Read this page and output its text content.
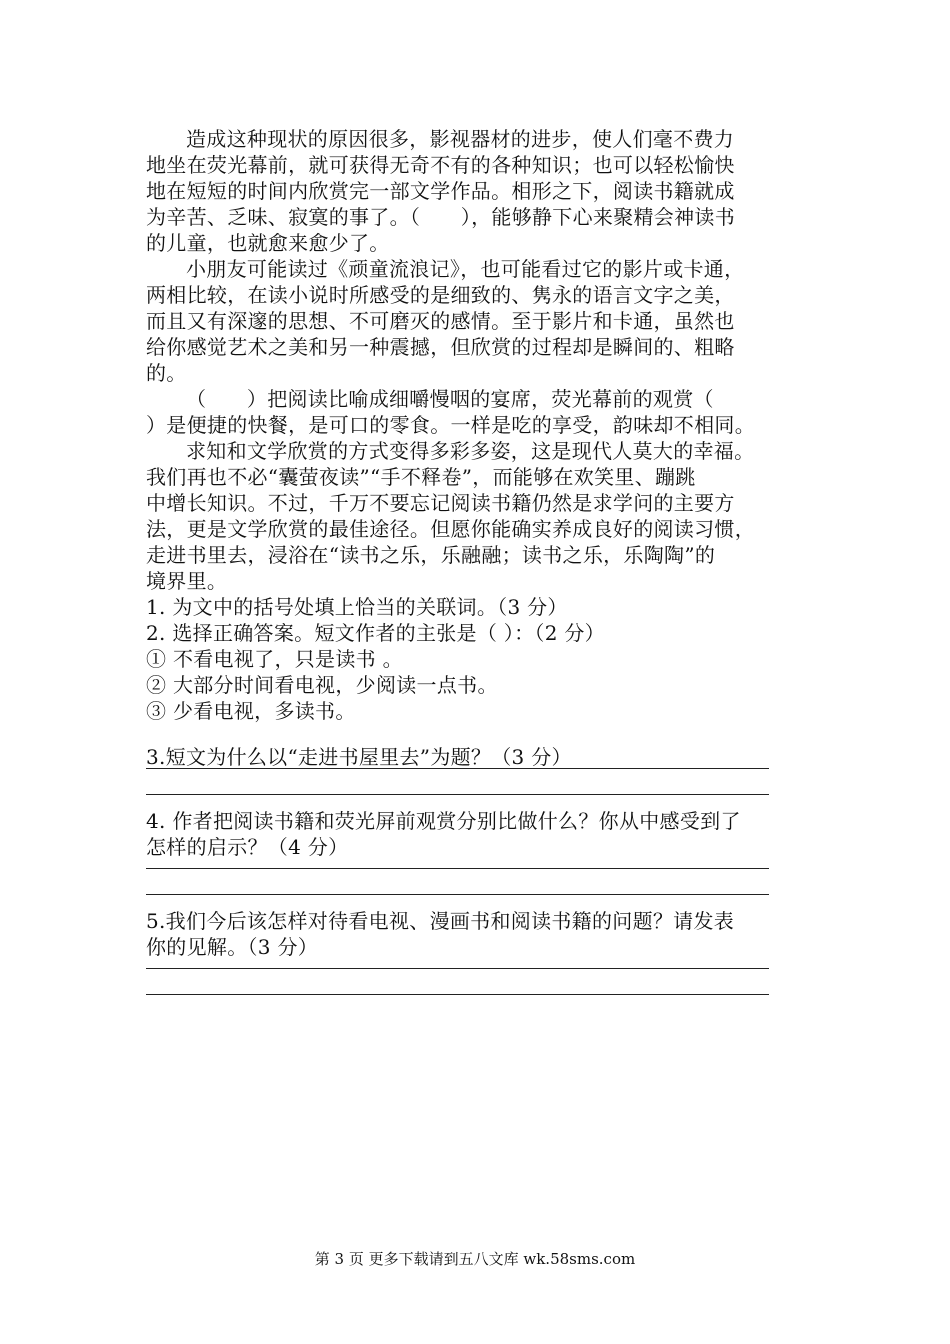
造成这种现状的原因很多，影视器材的进步，使人们毫不费力
地坐在荧光幕前，就可获得无奇不有的各种知识；也可以轻松愉快
地在短短的时间内欣赏完一部文学作品。相形之下，阅读书籍就成
为辛苦、乏味、寂寞的事了。（　　），能够静下心来聚精会神读书
的儿童，也就愈来愈少了。
小朋友可能读过《顽童流浪记》，也可能看过它的影片或卡通，
两相比较，在读小说时所感受的是细致的、隽永的语言文字之美，
而且又有深邃的思想、不可磨灭的感情。至于影片和卡通，虽然也
给你感觉艺术之美和另一种震撼，但欣赏的过程却是瞬间的、粗略
的。
（　　）把阅读比喻成细嚼慢咽的宴席，荧光幕前的观赏（
）是便捷的快餐，是可口的零食。一样是吃的享受，韵味却不相同。
求知和文学欣赏的方式变得多彩多姿，这是现代人莫大的幸福。
我们再也不必“囊萤夜读”“手不释卷”，而能够在欢笑里、蹦跳
中增长知识。不过，千万不要忘记阅读书籍仍然是求学问的主要方
法，更是文学欣赏的最佳途径。但愿你能确实养成良好的阅读习惯，
走进书里去，浸浴在“读书之乐，乐融融；读书之乐，乐陶陶”的
境界里。
1. 为文中的括号处填上恰当的关联词。（3 分）
2. 选择正确答案。短文作者的主张是（ ）：（2 分）
① 不看电视了，只是读书 。
② 大部分时间看电视，少阅读一点书。
③ 少看电视，多读书。
3.短文为什么以“走进书屋里去”为题？（3 分）
4. 作者把阅读书籍和荧光屏前观赏分别比做什么？你从中感受到了
怎样的启示？（4 分）
5.我们今后该怎样对待看电视、漫画书和阅读书籍的问题？请发表
你的见解。（3 分）
第 3 页 更多下载请到五八文库 wk.58sms.com
